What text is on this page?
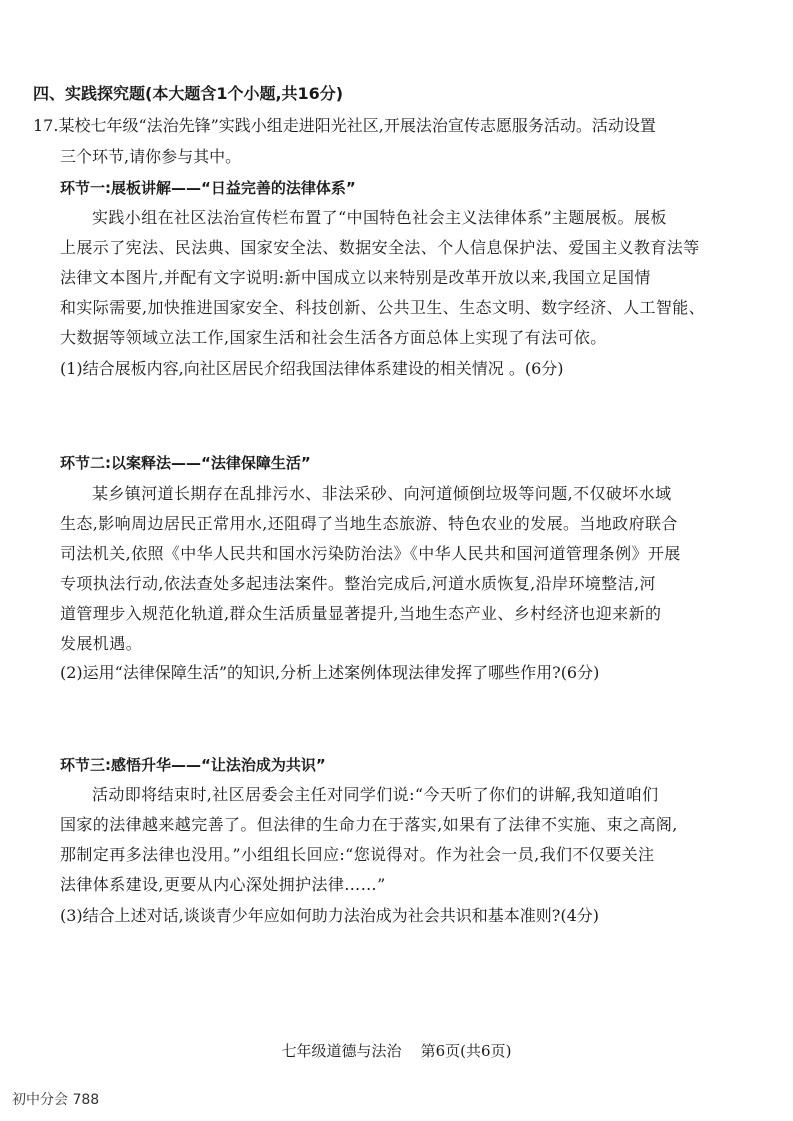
四、实践探究题(本大题含1个小题,共16分)
17.某校七年级“法治先锋”实践小组走进阳光社区,开展法治宣传志愿服务活动。活动设置
三个环节,请你参与其中。
环节一:展板讲解——“日益完善的法律体系”
实践小组在社区法治宣传栏布置了“中国特色社会主义法律体系”主题展板。展板
上展示了宪法、民法典、国家安全法、数据安全法、个人信息保护法、爱国主义教育法等
法律文本图片,并配有文字说明:新中国成立以来特别是改革开放以来,我国立足国情
和实际需要,加快推进国家安全、科技创新、公共卫生、生态文明、数字经济、人工智能、
大数据等领域立法工作,国家生活和社会生活各方面总体上实现了有法可依。
(1)结合展板内容,向社区居民介绍我国法律体系建设的相关情况 。(6分)
环节二:以案释法——“法律保障生活”
某乡镇河道长期存在乱排污水、非法采砂、向河道倾倒垃圾等问题,不仅破坏水域
生态,影响周边居民正常用水,还阻碍了当地生态旅游、特色农业的发展。当地政府联合
司法机关,依照《中华人民共和国水污染防治法》《中华人民共和国河道管理条例》开展
专项执法行动,依法查处多起违法案件。整治完成后,河道水质恢复,沿岸环境整洁,河
道管理步入规范化轨道,群众生活质量显著提升,当地生态产业、乡村经济也迎来新的
发展机遇。
(2)运用“法律保障生活”的知识,分析上述案例体现法律发挥了哪些作用?(6分)
环节三:感悟升华——“让法治成为共识”
活动即将结束时,社区居委会主任对同学们说:“今天听了你们的讲解,我知道咱们
国家的法律越来越完善了。但法律的生命力在于落实,如果有了法律不实施、束之高阁,
那制定再多法律也没用。”小组组长回应:“您说得对。作为社会一员,我们不仅要关注
法律体系建设,更要从内心深处拥护法律……”
(3)结合上述对话,谈谈青少年应如何助力法治成为社会共识和基本准则?(4分)
七年级道德与法治 第6页(共6页)
初中分会 788
